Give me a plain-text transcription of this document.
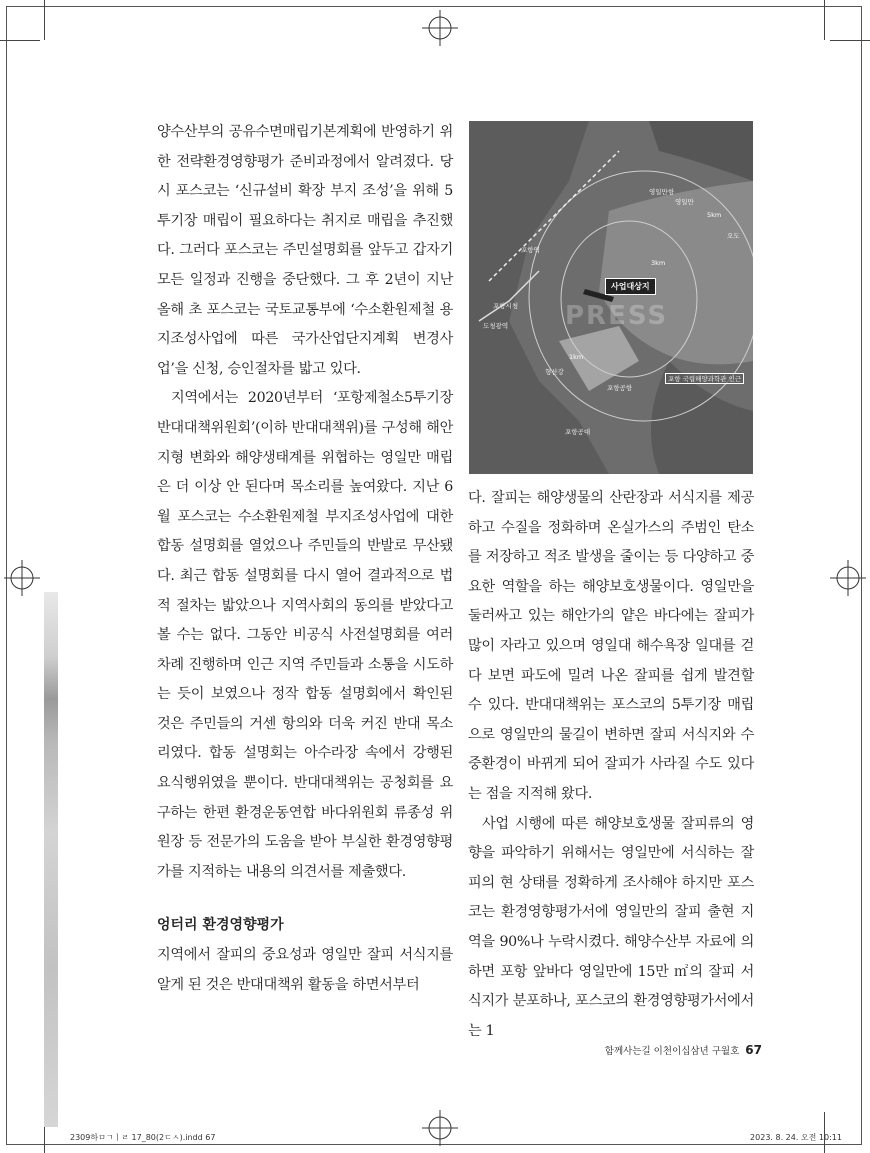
양수산부의 공유수면매립기본계획에 반영하기 위한 전략환경영향평가 준비과정에서 알려졌다. 당시 포스코는 ‘신규설비 확장 부지 조성’을 위해 5투기장 매립이 필요하다는 취지로 매립을 추진했다. 그러다 포스코는 주민설명회를 앞두고 갑자기 모든 일정과 진행을 중단했다. 그 후 2년이 지난 올해 초 포스코는 국토교통부에 ‘수소환원제철 용지조성사업에 따른 국가산업단지계획 변경사업’을 신청, 승인절차를 밟고 있다.

지역에서는 2020년부터 ‘포항제철소5투기장반대대책위원회’(이하 반대대책위)를 구성해 해안지형 변화와 해양생태계를 위협하는 영일만 매립은 더 이상 안 된다며 목소리를 높여왔다. 지난 6월 포스코는 수소환원제철 부지조성사업에 대한 합동 설명회를 열었으나 주민들의 반발로 무산됐다. 최근 합동 설명회를 다시 열어 결과적으로 법적 절차는 밟았으나 지역사회의 동의를 받았다고 볼 수는 없다. 그동안 비공식 사전설명회를 여러 차례 진행하며 인근 지역 주민들과 소통을 시도하는 듯이 보였으나 정작 합동 설명회에서 확인된 것은 주민들의 거센 항의와 더욱 커진 반대 목소리였다. 합동 설명회는 아수라장 속에서 강행된 요식행위였을 뿐이다. 반대대책위는 공청회를 요구하는 한편 환경운동연합 바다위원회 류종성 위원장 등 전문가의 도움을 받아 부실한 환경영향평가를 지적하는 내용의 의견서를 제출했다.

엉터리 환경영향평가

지역에서 잘피의 중요성과 영일만 잘피 서식지를 알게 된 것은 반대대책위 활동을 하면서부터

포항역
포항시청
도청광역
포항공항
영일만항
영일만
오도
포항공대
형산강
5km
3km
1km
포항 국립해양과학관 인근
사업대상지
PRESS

다. 잘피는 해양생물의 산란장과 서식지를 제공하고 수질을 정화하며 온실가스의 주범인 탄소를 저장하고 적조 발생을 줄이는 등 다양하고 중요한 역할을 하는 해양보호생물이다. 영일만을 둘러싸고 있는 해안가의 얕은 바다에는 잘피가 많이 자라고 있으며 영일대 해수욕장 일대를 걷다 보면 파도에 밀려 나온 잘피를 쉽게 발견할 수 있다. 반대대책위는 포스코의 5투기장 매립으로 영일만의 물길이 변하면 잘피 서식지와 수중환경이 바뀌게 되어 잘피가 사라질 수도 있다는 점을 지적해 왔다.

사업 시행에 따른 해양보호생물 잘피류의 영향을 파악하기 위해서는 영일만에 서식하는 잘피의 현 상태를 정확하게 조사해야 하지만 포스코는 환경영향평가서에 영일만의 잘피 출현 지역을 90%나 누락시켰다. 해양수산부 자료에 의하면 포항 앞바다 영일만에 15만 ㎡의 잘피 서식지가 분포하나, 포스코의 환경영향평가서에서는 1

함께사는길 이천이십삼년 구월호 67
2309하ㅁㄱㅣㄹ 17_80(2ㄷㅅ).indd 67	2023. 8. 24. 오전 10:11
